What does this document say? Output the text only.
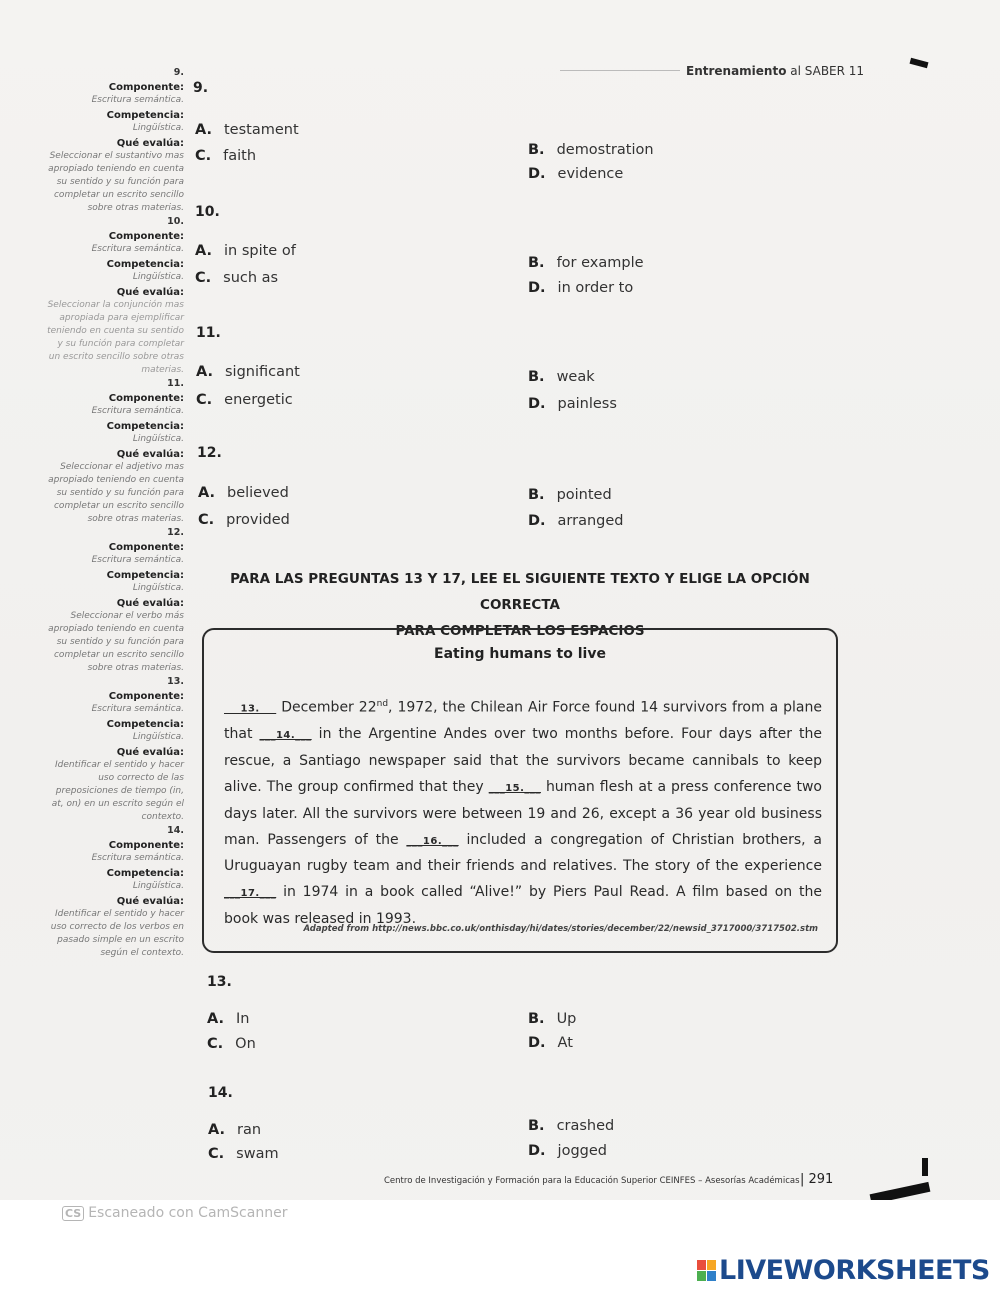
Entrenamiento al SABER 11
9.
Componente:
Escritura semántica.
Competencia:
Lingüística.
Qué evalúa:
Seleccionar el sustantivo mas apropiado teniendo en cuenta su sentido y su función para completar un escrito sencillo sobre otras materias.
10.
Componente:
Escritura semántica.
Competencia:
Lingüística.
Qué evalúa:
Seleccionar la conjunción mas apropiada para ejemplificar teniendo en cuenta su sentido y su función para completar un escrito sencillo sobre otras materias.
11.
Componente:
Escritura semántica.
Competencia:
Lingüística.
Qué evalúa:
Seleccionar el adjetivo mas apropiado teniendo en cuenta su sentido y su función para completar un escrito sencillo sobre otras materias.
12.
Componente:
Escritura semántica.
Competencia:
Lingüística.
Qué evalúa:
Seleccionar el verbo más apropiado teniendo en cuenta su sentido y su función para completar un escrito sencillo sobre otras materias.
13.
Componente:
Escritura semántica.
Competencia:
Lingüística.
Qué evalúa:
Identificar el sentido y hacer uso correcto de las preposiciones de tiempo (in, at, on) en un escrito según el contexto.
14.
Componente:
Escritura semántica.
Competencia:
Lingüística.
Qué evalúa:
Identificar el sentido y hacer uso correcto de los verbos en pasado simple en un escrito según el contexto.
9.
A. testament
C. faith	B. demostration
D. evidence
10.
A. in spite of
C. such as
B. for example
D. in order to
11.
A. significant
C. energetic
B. weak
D. painless
12.
A. believed
C. provided
B. pointed
D. arranged
PARA LAS PREGUNTAS 13 Y 17, LEE EL SIGUIENTE TEXTO Y ELIGE LA OPCIÓN CORRECTA
PARA COMPLETAR LOS ESPACIOS
Eating humans to live
___13.___ December 22nd, 1972, the Chilean Air Force found 14 survivors from a plane that ___14.___ in the Argentine Andes over two months before. Four days after the rescue, a Santiago newspaper said that the survivors became cannibals to keep alive. The group confirmed that they ___15.___ human flesh at a press conference two days later. All the survivors were between 19 and 26, except a 36 year old business man. Passengers of the ___16.___ included a congregation of Christian brothers, a Uruguayan rugby team and their friends and relatives. The story of the experience ___17.___ in 1974 in a book called “Alive!” by Piers Paul Read. A film based on the book was released in 1993.
Adapted from http://news.bbc.co.uk/onthisday/hi/dates/stories/december/22/newsid_3717000/3717502.stm
13.
A. In
C. On
B. Up
D. At
14.
A. ran
C. swam
B. crashed
D. jogged
Centro de Investigación y Formación para la Educación Superior CEINFES – Asesorías Académicas | 291
CS Escaneado con CamScanner
LIVEWORKSHEETS
